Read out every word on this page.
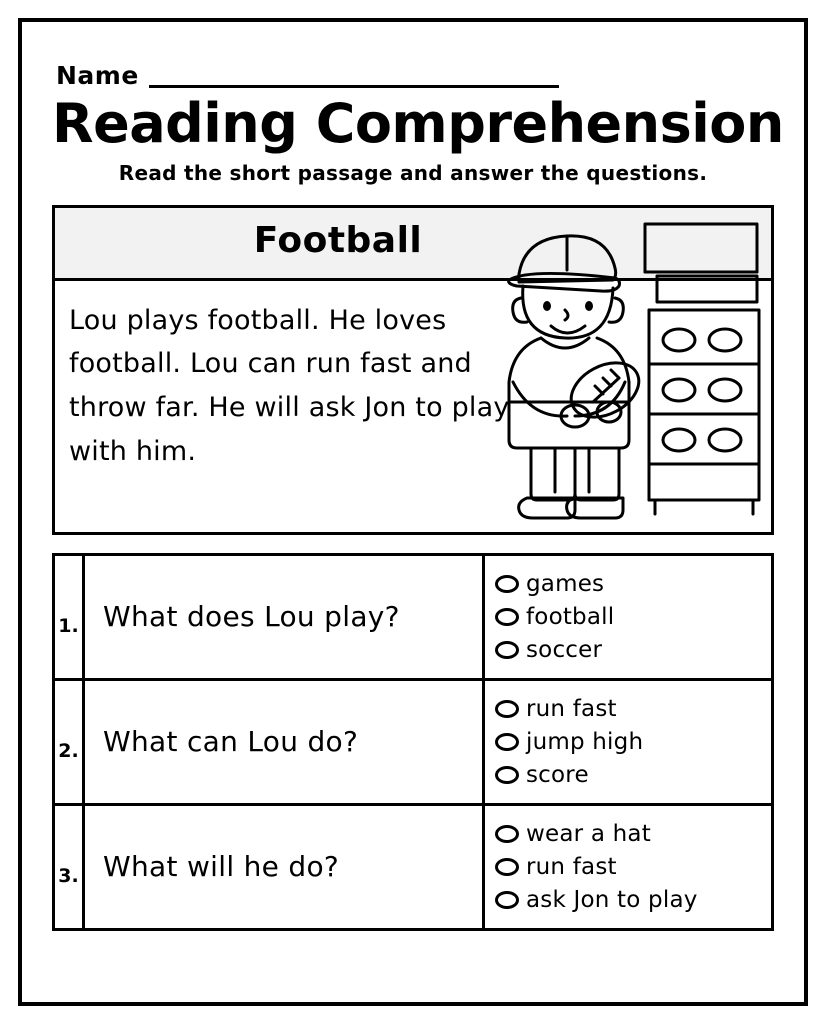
Name
Reading Comprehension
Read the short passage and answer the questions.
Football
Lou plays football. He loves football. Lou can run fast and throw far. He will ask Jon to play with him.
1. What does Lou play?
games
football
soccer
2. What can Lou do?
run fast
jump high
score
3. What will he do?
wear a hat
run fast
ask Jon to play
